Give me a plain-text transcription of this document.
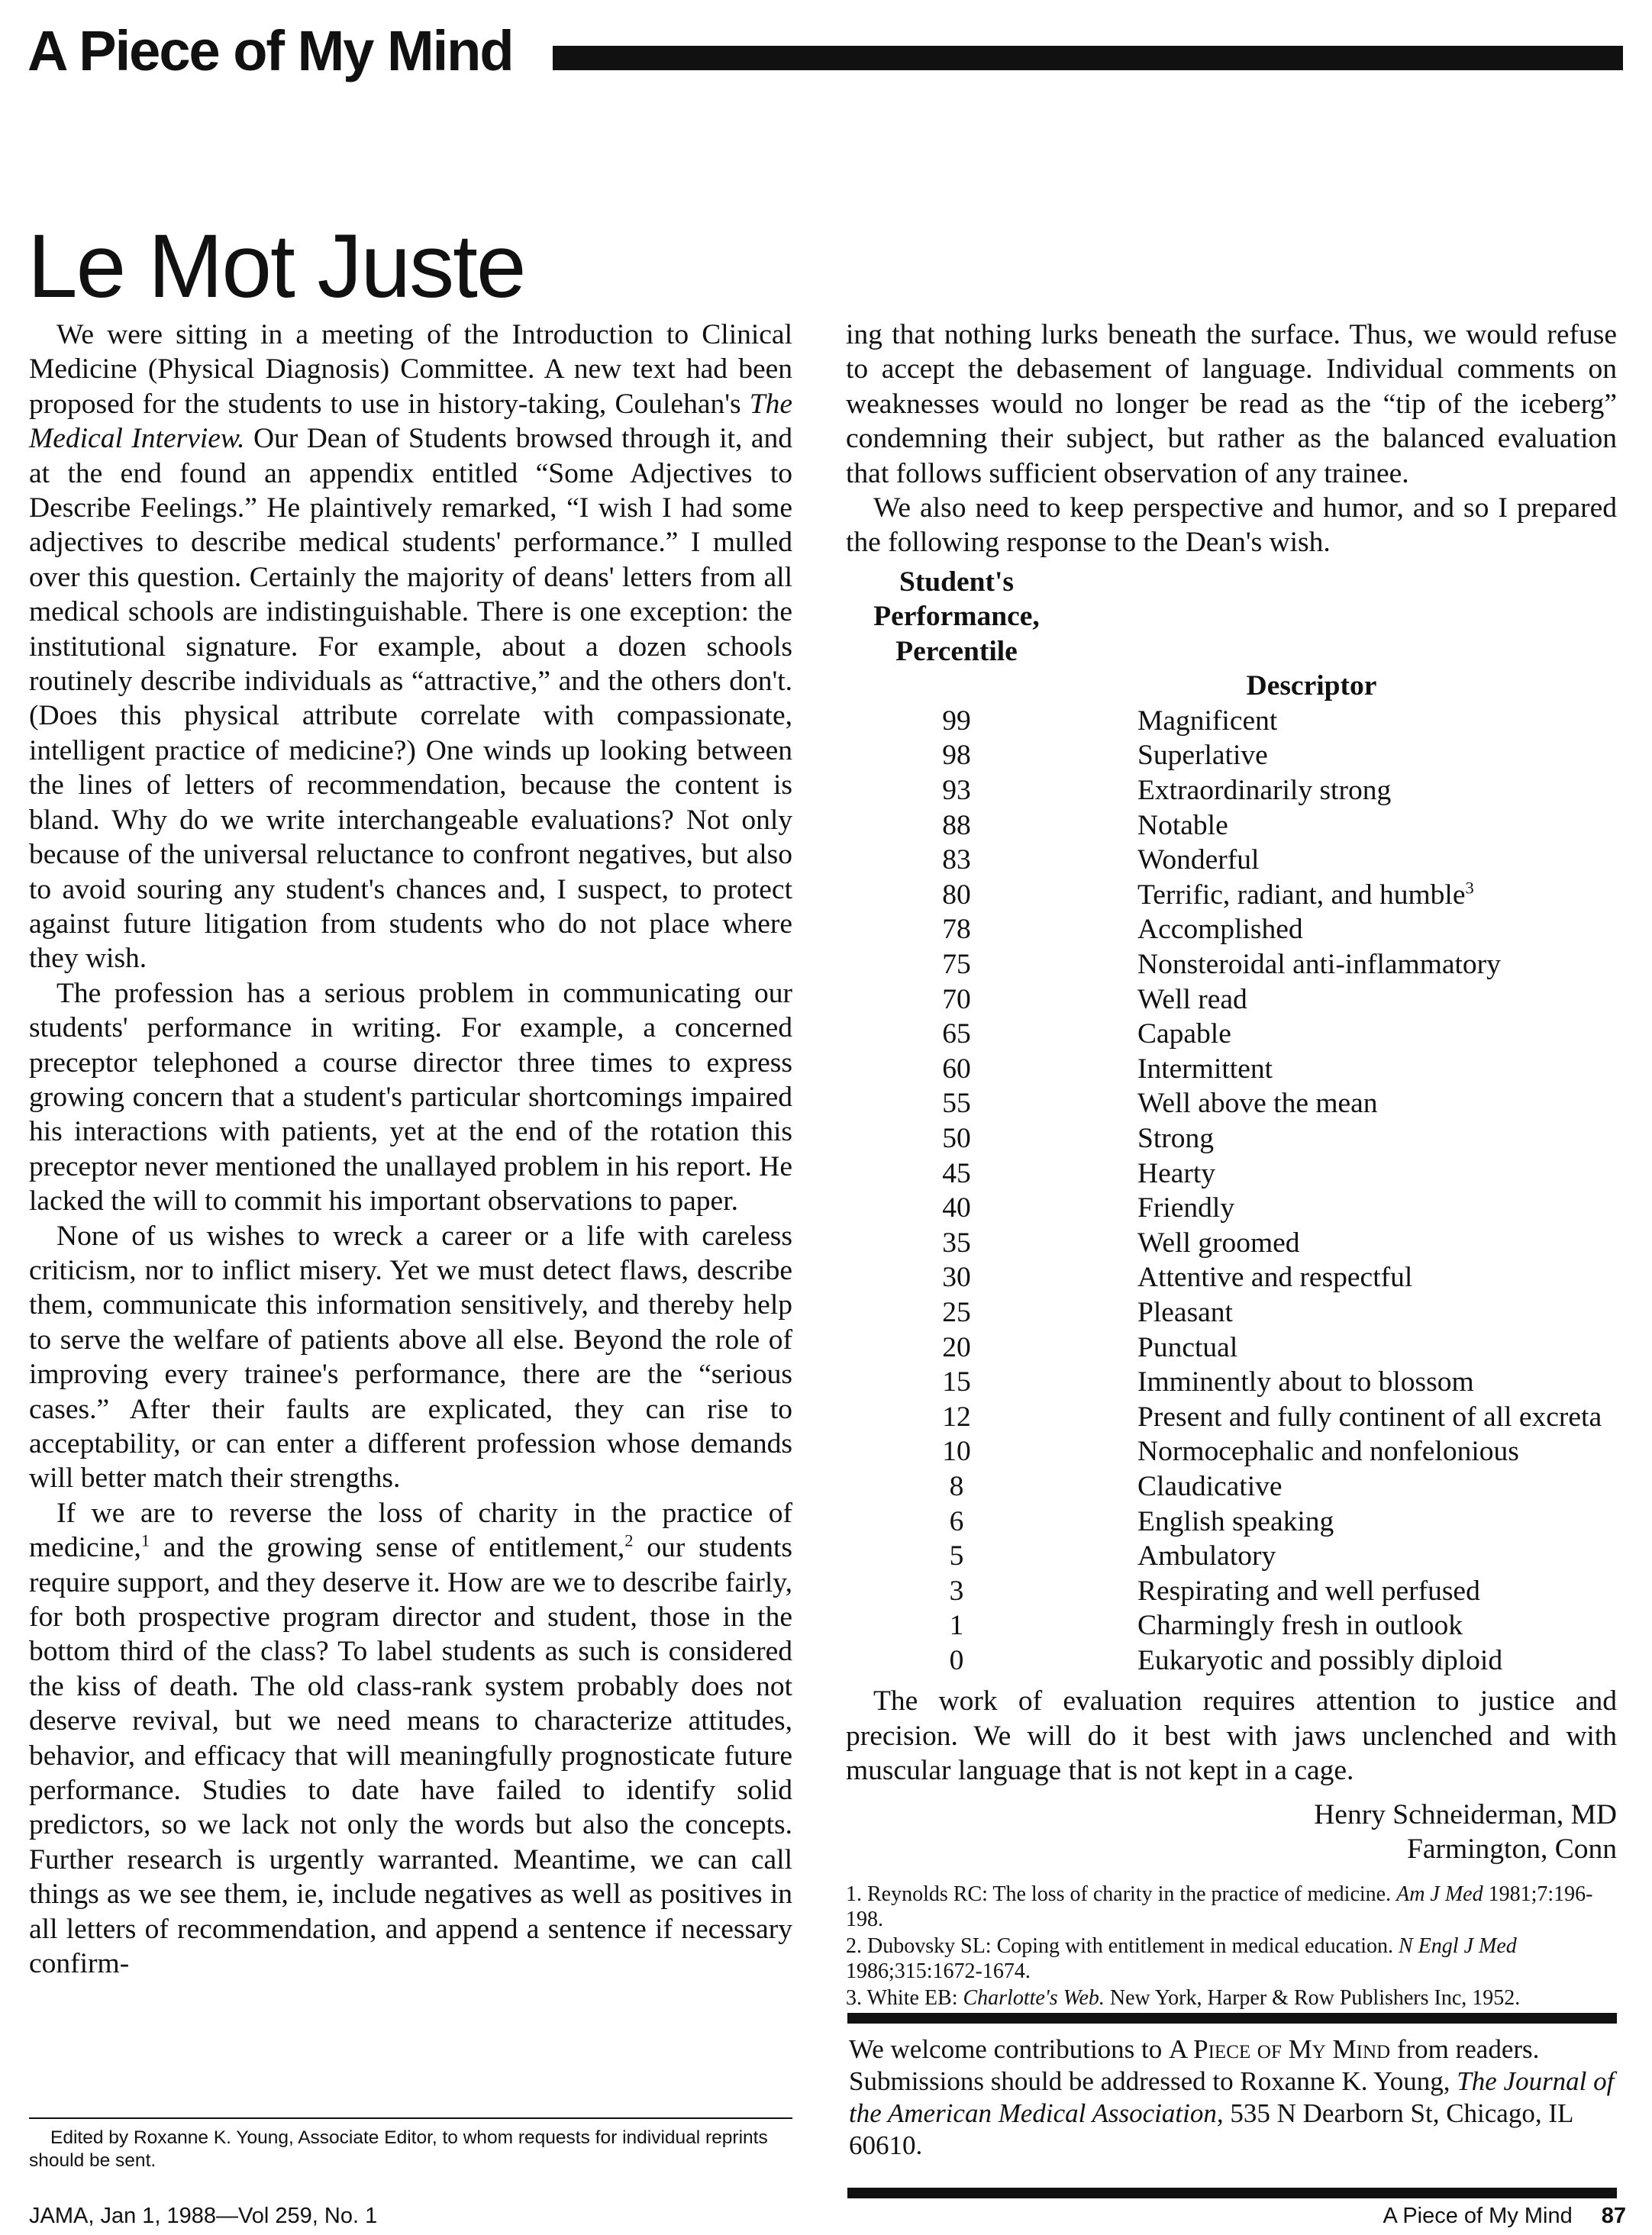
A Piece of My Mind
Le Mot Juste

We were sitting in a meeting of the Introduction to Clinical Medicine (Physical Diagnosis) Committee. A new text had been proposed for the students to use in history-taking, Coulehan's The Medical Interview. Our Dean of Students browsed through it, and at the end found an appendix entitled “Some Adjectives to Describe Feelings.” He plaintively remarked, “I wish I had some adjectives to describe medical students' performance.” I mulled over this question. Certainly the majority of deans' letters from all medical schools are indistinguishable. There is one exception: the institutional signature. For example, about a dozen schools routinely describe individuals as “attractive,” and the others don't. (Does this physical attribute correlate with compassionate, intelligent practice of medicine?) One winds up looking between the lines of letters of recommendation, because the content is bland. Why do we write interchangeable evaluations? Not only because of the universal reluctance to confront negatives, but also to avoid souring any student's chances and, I suspect, to protect against future litigation from students who do not place where they wish.

The profession has a serious problem in communicating our students' performance in writing. For example, a concerned preceptor telephoned a course director three times to express growing concern that a student's particular shortcomings impaired his interactions with patients, yet at the end of the rotation this preceptor never mentioned the unallayed problem in his report. He lacked the will to commit his important observations to paper.

None of us wishes to wreck a career or a life with careless criticism, nor to inflict misery. Yet we must detect flaws, describe them, communicate this information sensitively, and thereby help to serve the welfare of patients above all else. Beyond the role of improving every trainee's performance, there are the “serious cases.” After their faults are explicated, they can rise to acceptability, or can enter a different profession whose demands will better match their strengths.

If we are to reverse the loss of charity in the practice of medicine,$^1$ and the growing sense of entitlement,$^2$ our students require support, and they deserve it. How are we to describe fairly, for both prospective program director and student, those in the bottom third of the class? To label students as such is considered the kiss of death. The old class-rank system probably does not deserve revival, but we need means to characterize attitudes, behavior, and efficacy that will meaningfully prognosticate future performance. Studies to date have failed to identify solid predictors, so we lack not only the words but also the concepts. Further research is urgently warranted. Meantime, we can call things as we see them, ie, include negatives as well as positives in all letters of recommendation, and append a sentence if necessary confirm-

ing that nothing lurks beneath the surface. Thus, we would refuse to accept the debasement of language. Individual comments on weaknesses would no longer be read as the “tip of the iceberg” condemning their subject, but rather as the balanced evaluation that follows sufficient observation of any trainee.

We also need to keep perspective and humor, and so I prepared the following response to the Dean's wish.

Student's
Performance,
Percentile
Descriptor
99	Magnificent
98	Superlative
93	Extraordinarily strong
88	Notable
83	Wonderful
80	Terrific, radiant, and humble$^3$
78	Accomplished
75	Nonsteroidal anti-inflammatory
70	Well read
65	Capable
60	Intermittent
55	Well above the mean
50	Strong
45	Hearty
40	Friendly
35	Well groomed
30	Attentive and respectful
25	Pleasant
20	Punctual
15	Imminently about to blossom
12	Present and fully continent of all excreta
10	Normocephalic and nonfelonious
8	Claudicative
6	English speaking
5	Ambulatory
3	Respirating and well perfused
1	Charmingly fresh in outlook
0	Eukaryotic and possibly diploid

The work of evaluation requires attention to justice and precision. We will do it best with jaws unclenched and with muscular language that is not kept in a cage.

Henry Schneiderman, MD
Farmington, Conn
1. Reynolds RC: The loss of charity in the practice of medicine. Am J Med 1981;7:196-198.
2. Dubovsky SL: Coping with entitlement in medical education. N Engl J Med 1986;315:1672-1674.
3. White EB: Charlotte's Web. New York, Harper & Row Publishers Inc, 1952.
We welcome contributions to A Piece of My Mind from readers. Submissions should be addressed to Roxanne K. Young, The Journal of the American Medical Association, 535 N Dearborn St, Chicago, IL 60610.

Edited by Roxanne K. Young, Associate Editor, to whom requests for individual reprints should be sent.

JAMA, Jan 1, 1988—Vol 259, No. 1	A Piece of My Mind 87
